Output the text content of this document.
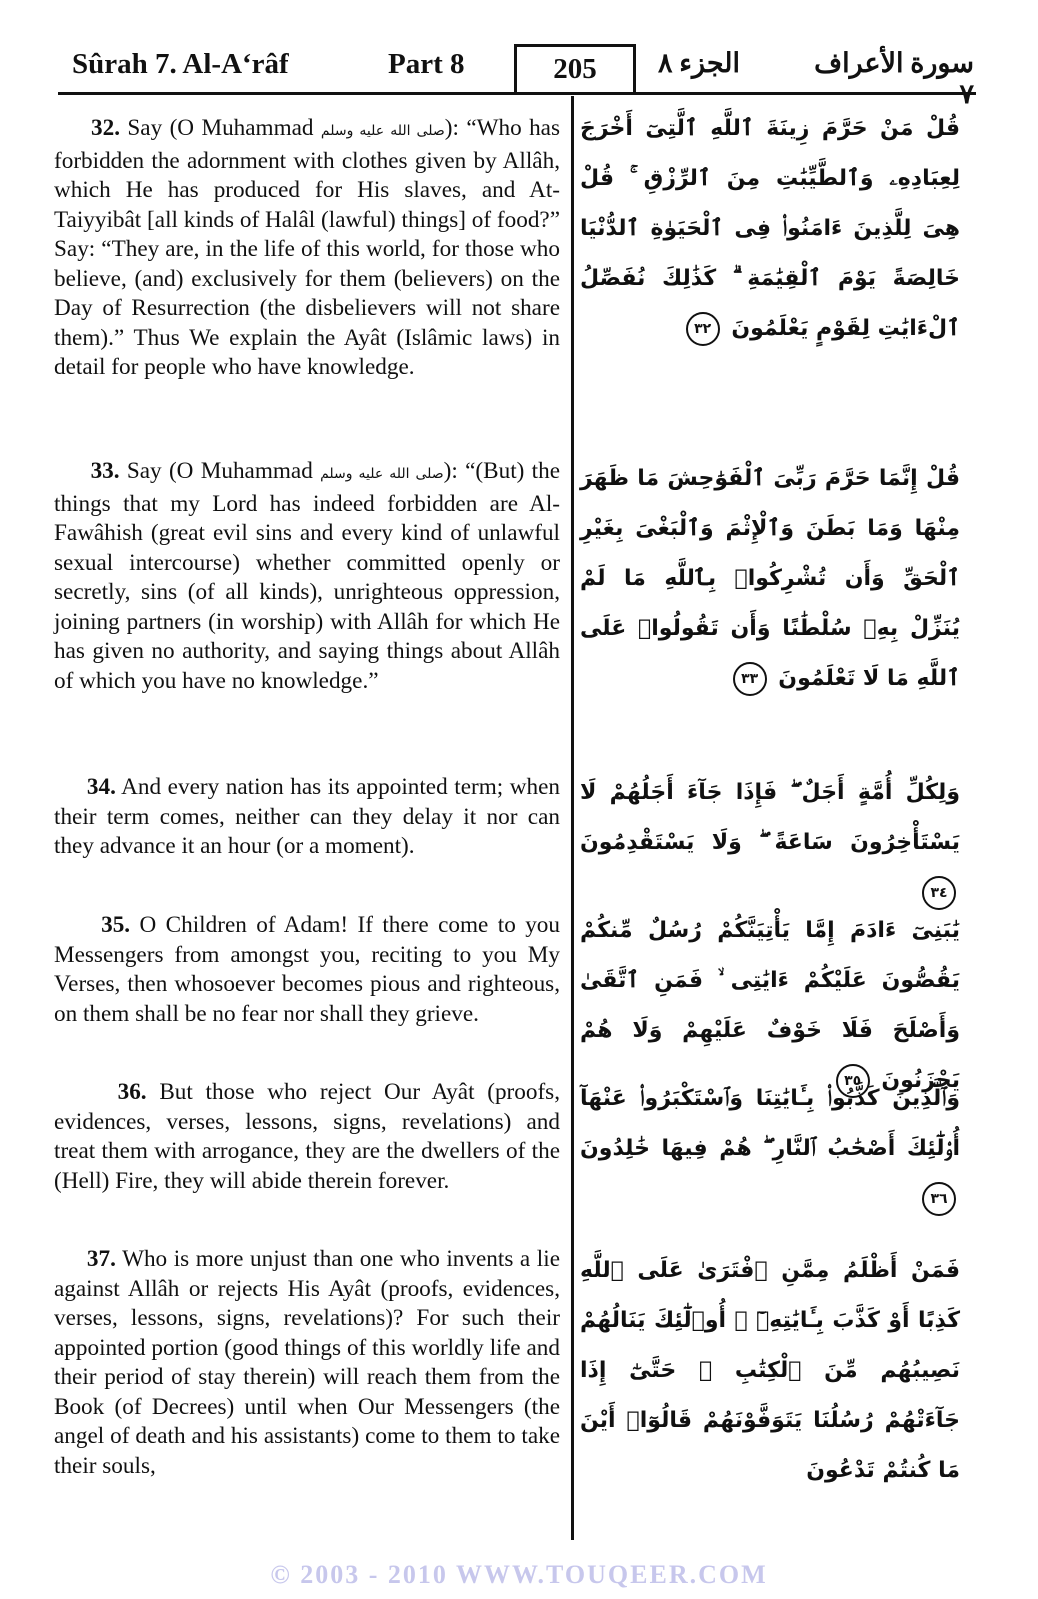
Sûrah 7. Al-A‘râf	Part 8	205	الجزء ٨	سورة الأعراف ٧
32. Say (O Muhammad صلى الله عليه وسلم): “Who has forbidden the adornment with clothes given by Allâh, which He has produced for His slaves, and At-Taiyyibât [all kinds of Halâl (lawful) things] of food?” Say: “They are, in the life of this world, for those who believe, (and) exclusively for them (believers) on the Day of Resurrection (the disbelievers will not share them).” Thus We explain the Ayât (Islâmic laws) in detail for people who have knowledge.
قُلْ مَنْ حَرَّمَ زِينَةَ ٱللَّهِ ٱلَّتِىٓ أَخْرَجَ لِعِبَادِهِۦ وَٱلطَّيِّبَٰتِ مِنَ ٱلرِّزْقِ ۚ قُلْ هِىَ لِلَّذِينَ ءَامَنُوا۟ فِى ٱلْحَيَوٰةِ ٱلدُّنْيَا خَالِصَةً يَوْمَ ٱلْقِيَٰمَةِ ۗ كَذَٰلِكَ نُفَصِّلُ ٱلْءَايَٰتِ لِقَوْمٍ يَعْلَمُونَ ٣٢
33. Say (O Muhammad صلى الله عليه وسلم): “(But) the things that my Lord has indeed forbidden are Al-Fawâhish (great evil sins and every kind of unlawful sexual intercourse) whether committed openly or secretly, sins (of all kinds), unrighteous oppression, joining partners (in worship) with Allâh for which He has given no authority, and saying things about Allâh of which you have no knowledge.”
قُلْ إِنَّمَا حَرَّمَ رَبِّىَ ٱلْفَوَٰحِشَ مَا ظَهَرَ مِنْهَا وَمَا بَطَنَ وَٱلْإِثْمَ وَٱلْبَغْىَ بِغَيْرِ ٱلْحَقِّ وَأَن تُشْرِكُوا۟ بِٱللَّهِ مَا لَمْ يُنَزِّلْ بِهِۦ سُلْطَٰنًا وَأَن تَقُولُوا۟ عَلَى ٱللَّهِ مَا لَا تَعْلَمُونَ ٣٣
34. And every nation has its appointed term; when their term comes, neither can they delay it nor can they advance it an hour (or a moment).
وَلِكُلِّ أُمَّةٍ أَجَلٌ ۖ فَإِذَا جَآءَ أَجَلُهُمْ لَا يَسْتَأْخِرُونَ سَاعَةً ۖ وَلَا يَسْتَقْدِمُونَ ٣٤
35. O Children of Adam! If there come to you Messengers from amongst you, reciting to you My Verses, then whosoever becomes pious and righteous, on them shall be no fear nor shall they grieve.
يَٰبَنِىٓ ءَادَمَ إِمَّا يَأْتِيَنَّكُمْ رُسُلٌ مِّنكُمْ يَقُصُّونَ عَلَيْكُمْ ءَايَٰتِى ۙ فَمَنِ ٱتَّقَىٰ وَأَصْلَحَ فَلَا خَوْفٌ عَلَيْهِمْ وَلَا هُمْ يَحْزَنُونَ ٣٥
36. But those who reject Our Ayât (proofs, evidences, verses, lessons, signs, revelations) and treat them with arrogance, they are the dwellers of the (Hell) Fire, they will abide therein forever.
وَٱلَّذِينَ كَذَّبُوا۟ بِـَٔايَٰتِنَا وَٱسْتَكْبَرُوا۟ عَنْهَآ أُو۟لَٰٓئِكَ أَصْحَٰبُ ٱلنَّارِ ۖ هُمْ فِيهَا خَٰلِدُونَ ٣٦
37. Who is more unjust than one who invents a lie against Allâh or rejects His Ayât (proofs, evidences, verses, lessons, signs, revelations)? For such their appointed portion (good things of this worldly life and their period of stay therein) will reach them from the Book (of Decrees) until when Our Messengers (the angel of death and his assistants) come to them to take their souls,
فَمَنْ أَظْلَمُ مِمَّنِ ٱفْتَرَىٰ عَلَى ٱللَّهِ كَذِبًا أَوْ كَذَّبَ بِـَٔايَٰتِهِۦٓ ۚ أُو۟لَٰٓئِكَ يَنَالُهُمْ نَصِيبُهُم مِّنَ ٱلْكِتَٰبِ ۖ حَتَّىٰٓ إِذَا جَآءَتْهُمْ رُسُلُنَا يَتَوَفَّوْنَهُمْ قَالُوٓا۟ أَيْنَ مَا كُنتُمْ تَدْعُونَ
© 2003 - 2010 WWW.TOUQEER.COM
